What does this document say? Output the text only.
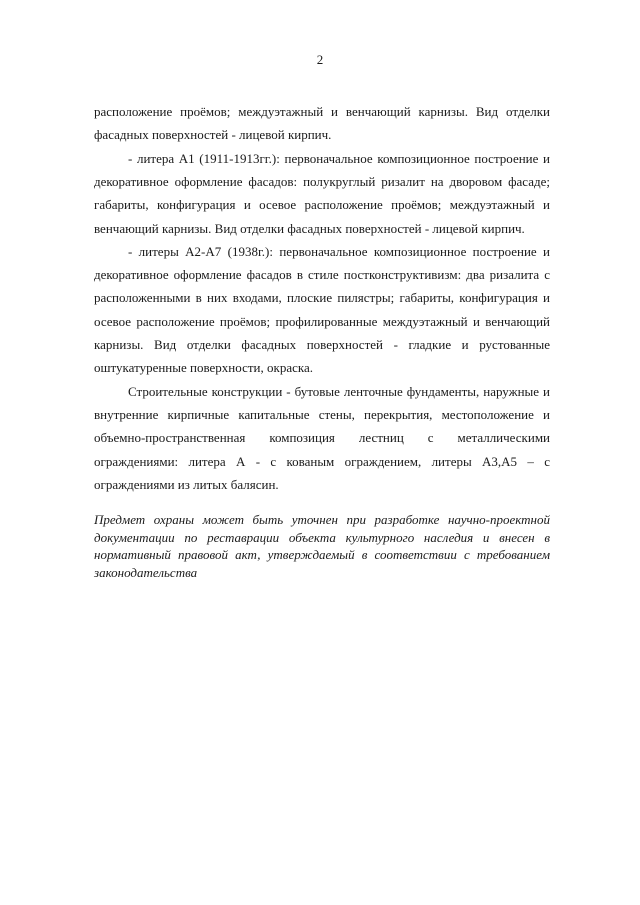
2

расположение проёмов; междуэтажный и венчающий карнизы. Вид отделки фасадных поверхностей - лицевой кирпич.

- литера А1 (1911-1913гг.): первоначальное композиционное построение и декоративное оформление фасадов: полукруглый ризалит на дворовом фасаде; габариты, конфигурация и осевое расположение проёмов; междуэтажный и венчающий карнизы. Вид отделки фасадных поверхностей - лицевой кирпич.

- литеры А2-А7 (1938г.): первоначальное композиционное построение и декоративное оформление фасадов в стиле постконструктивизм: два ризалита с расположенными в них входами, плоские пилястры; габариты, конфигурация и осевое расположение проёмов; профилированные междуэтажный и венчающий карнизы. Вид отделки фасадных поверхностей - гладкие и рустованные оштукатуренные поверхности, окраска.

Строительные конструкции - бутовые ленточные фундаменты, наружные и внутренние кирпичные капитальные стены, перекрытия, местоположение и объемно-пространственная композиция лестниц с металлическими ограждениями: литера А - с кованым ограждением, литеры А3,А5 – с ограждениями из литых балясин.

Предмет охраны может быть уточнен при разработке научно-проектной документации по реставрации объекта культурного наследия и внесен в нормативный правовой акт, утверждаемый в соответствии с требованием законодательства
